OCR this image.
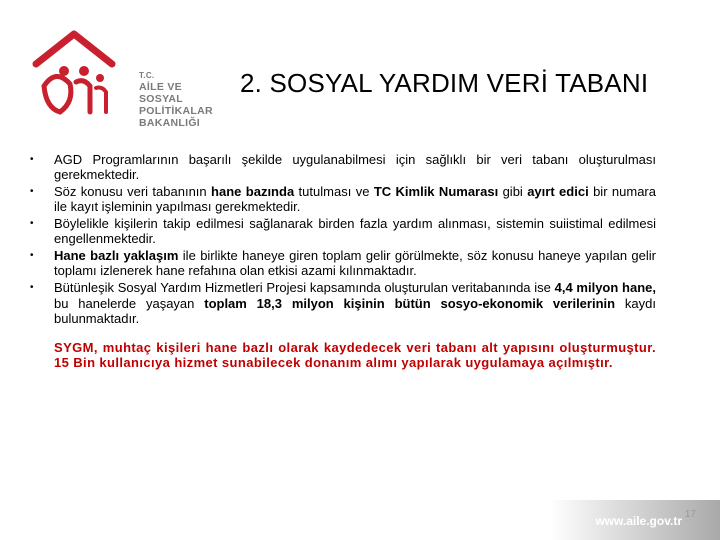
T.C.
AİLE VE
SOSYAL POLİTİKALAR
BAKANLIĞI
2. SOSYAL YARDIM VERİ TABANI
• AGD Programlarının başarılı şekilde uygulanabilmesi için sağlıklı bir veri tabanı oluşturulması gerekmektedir.
• Söz konusu veri tabanının hane bazında tutulması ve TC Kimlik Numarası gibi ayırt edici bir numara ile kayıt işleminin yapılması gerekmektedir.
• Böylelikle kişilerin takip edilmesi sağlanarak birden fazla yardım alınması, sistemin suiistimal edilmesi engellenmektedir.
• Hane bazlı yaklaşım ile birlikte haneye giren toplam gelir görülmekte, söz konusu haneye yapılan gelir toplamı izlenerek hane refahına olan etkisi azami kılınmaktadır.
• Bütünleşik Sosyal Yardım Hizmetleri Projesi kapsamında oluşturulan veritabanında ise 4,4 milyon hane, bu hanelerde yaşayan toplam 18,3 milyon kişinin bütün sosyo-ekonomik verilerinin kaydı bulunmaktadır.
SYGM, muhtaç kişileri hane bazlı olarak kaydedecek veri tabanı alt yapısını oluşturmuştur. 15 Bin kullanıcıya hizmet sunabilecek donanım alımı yapılarak uygulamaya açılmıştır.
www.aile.gov.tr 17
